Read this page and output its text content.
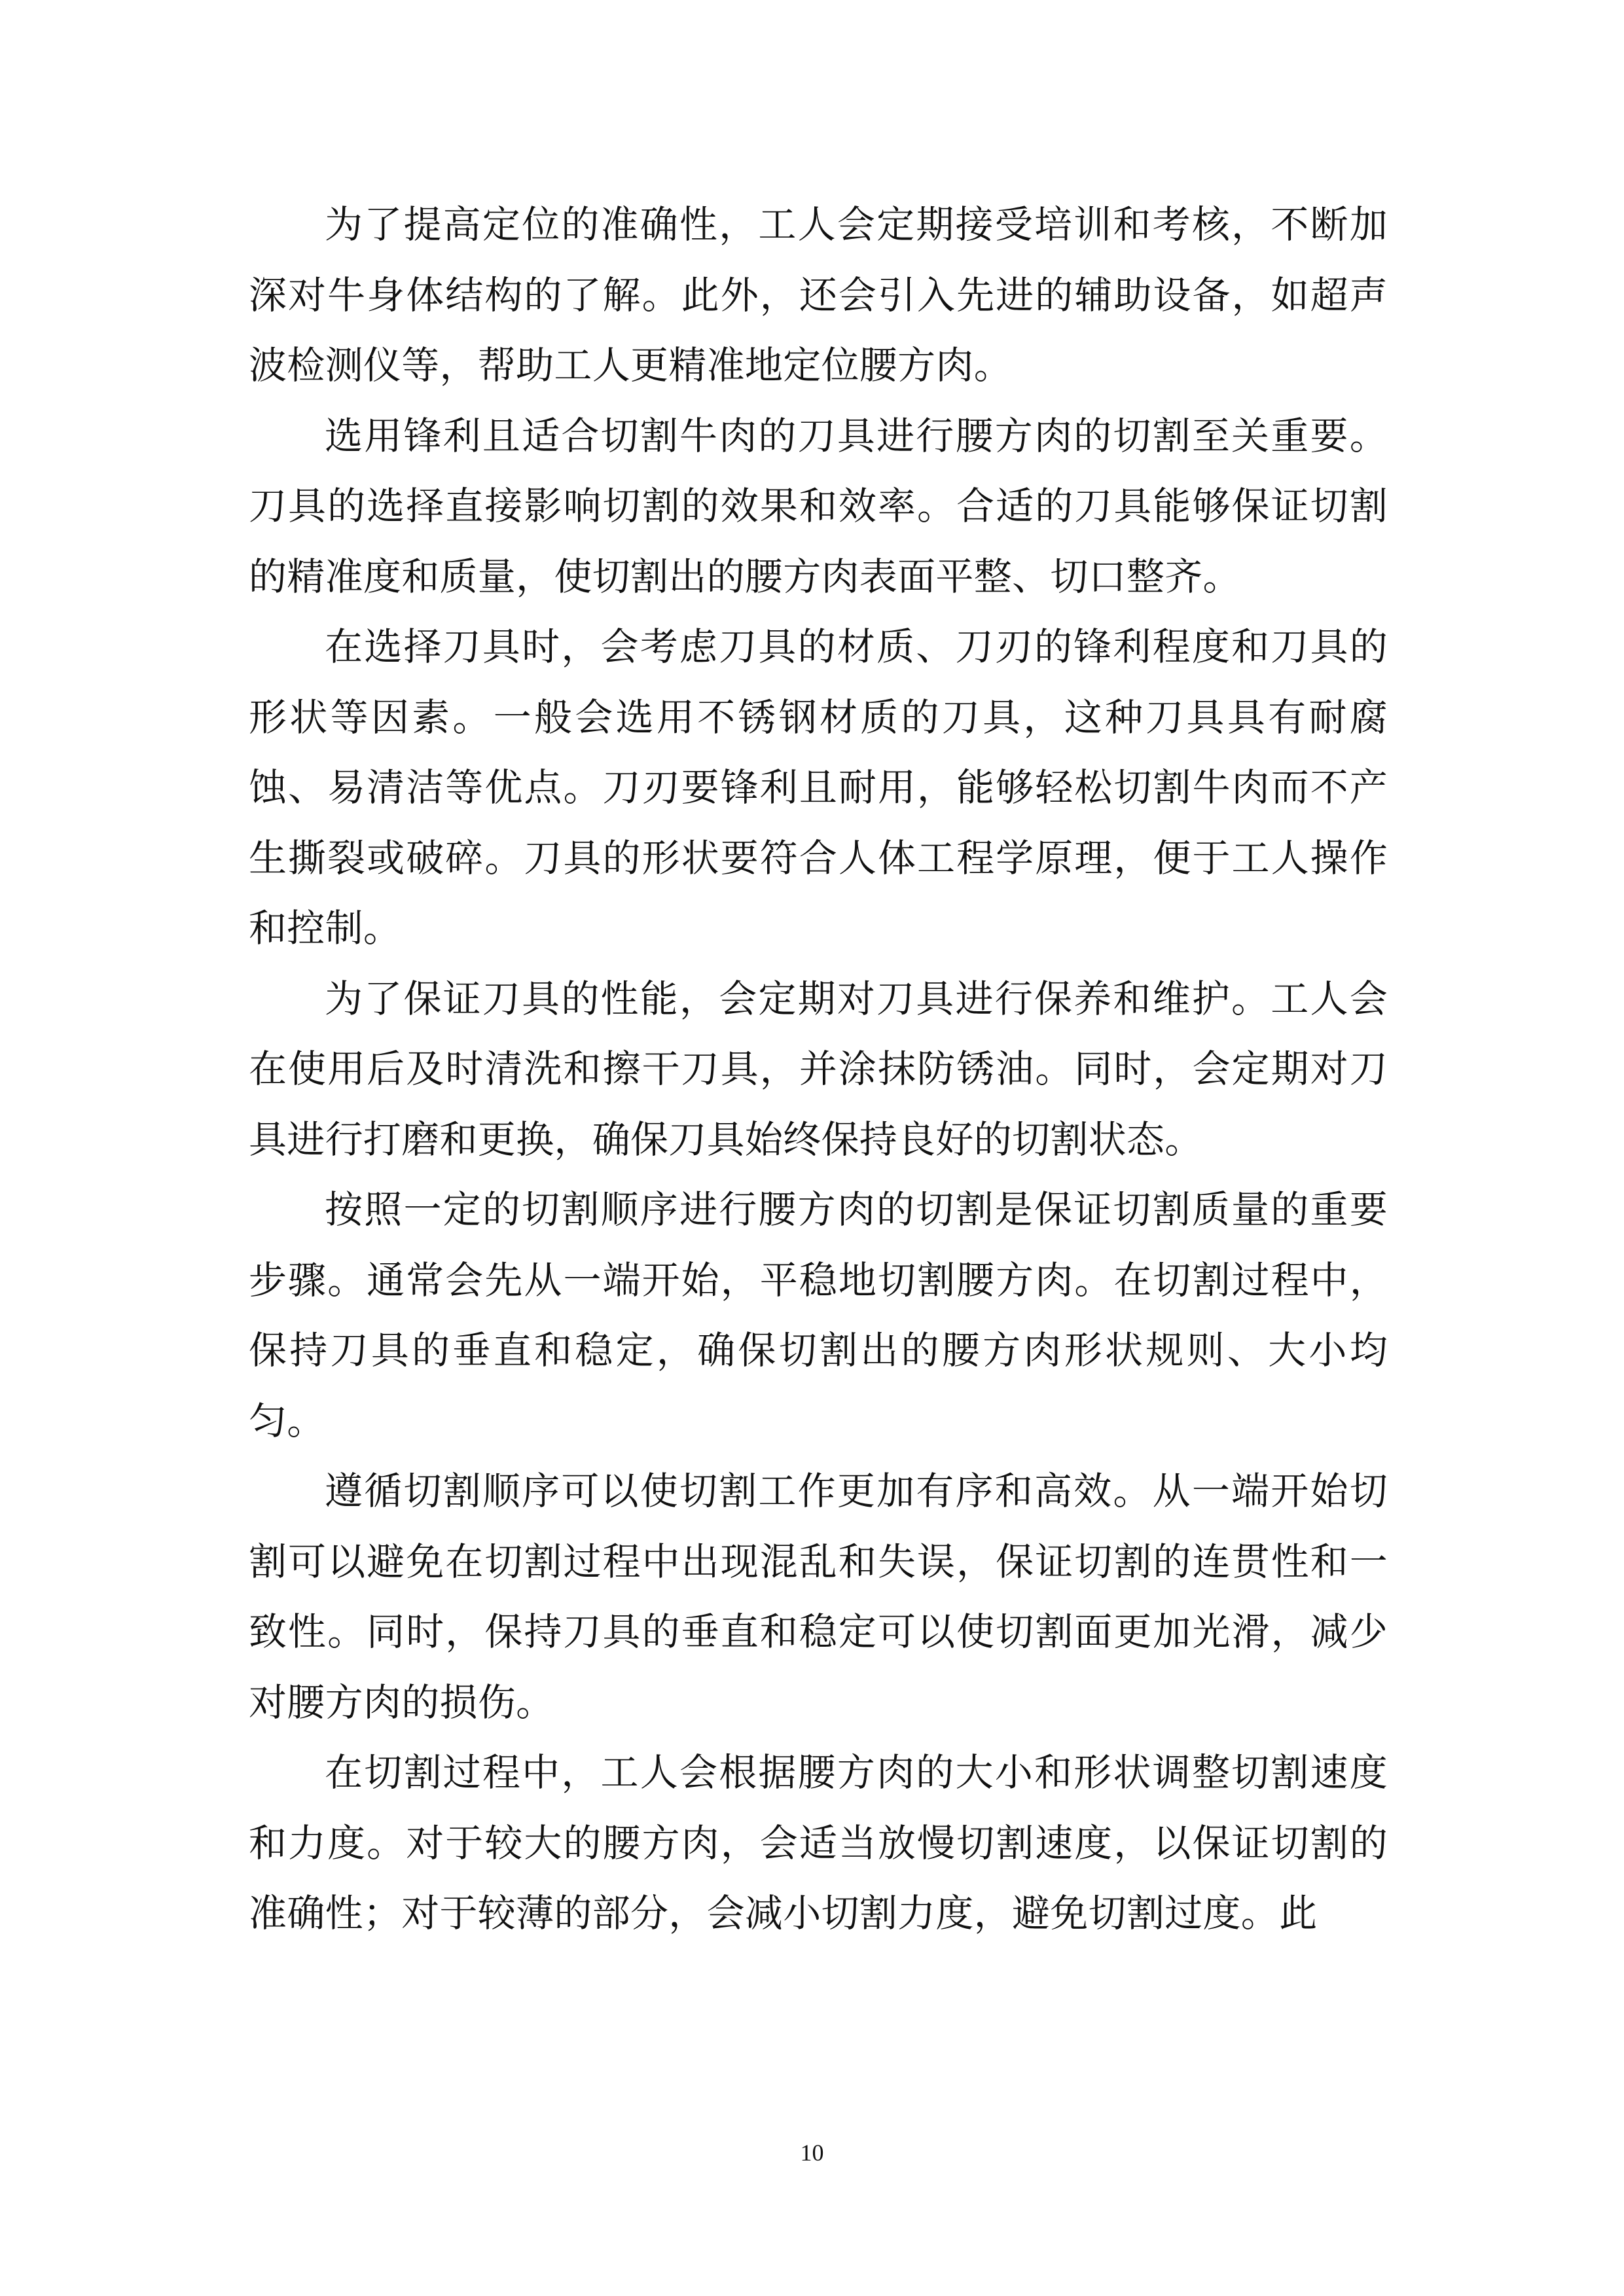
为了提高定位的准确性，工人会定期接受培训和考核，不断加深对牛身体结构的了解。此外，还会引入先进的辅助设备，如超声波检测仪等，帮助工人更精准地定位腰方肉。

选用锋利且适合切割牛肉的刀具进行腰方肉的切割至关重要。刀具的选择直接影响切割的效果和效率。合适的刀具能够保证切割的精准度和质量，使切割出的腰方肉表面平整、切口整齐。

在选择刀具时，会考虑刀具的材质、刀刃的锋利程度和刀具的形状等因素。一般会选用不锈钢材质的刀具，这种刀具具有耐腐蚀、易清洁等优点。刀刃要锋利且耐用，能够轻松切割牛肉而不产生撕裂或破碎。刀具的形状要符合人体工程学原理，便于工人操作和控制。

为了保证刀具的性能，会定期对刀具进行保养和维护。工人会在使用后及时清洗和擦干刀具，并涂抹防锈油。同时，会定期对刀具进行打磨和更换，确保刀具始终保持良好的切割状态。

按照一定的切割顺序进行腰方肉的切割是保证切割质量的重要步骤。通常会先从一端开始，平稳地切割腰方肉。在切割过程中，保持刀具的垂直和稳定，确保切割出的腰方肉形状规则、大小均匀。

遵循切割顺序可以使切割工作更加有序和高效。从一端开始切割可以避免在切割过程中出现混乱和失误，保证切割的连贯性和一致性。同时，保持刀具的垂直和稳定可以使切割面更加光滑，减少对腰方肉的损伤。

在切割过程中，工人会根据腰方肉的大小和形状调整切割速度和力度。对于较大的腰方肉，会适当放慢切割速度，以保证切割的准确性；对于较薄的部分，会减小切割力度，避免切割过度。此

10
